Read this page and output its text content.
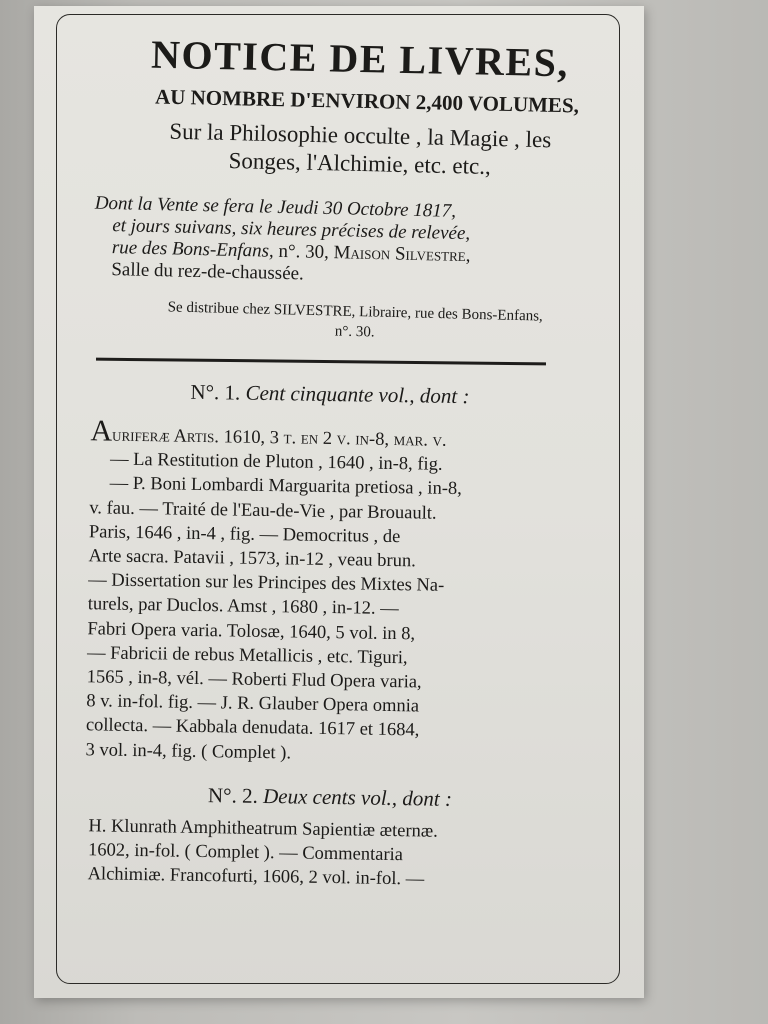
NOTICE DE LIVRES,
AU NOMBRE D'ENVIRON 2,400 VOLUMES,
Sur la Philosophie occulte , la Magie , les
Songes, l'Alchimie, etc. etc.,
Dont la Vente se fera le Jeudi 30 Octobre 1817,
et jours suivans, six heures précises de relevée,
rue des Bons-Enfans, n°. 30, Maison Silvestre,
Salle du rez-de-chaussée.
Se distribue chez SILVESTRE, Libraire, rue des Bons-Enfans,
n°. 30.
N°. 1. Cent cinquante vol., dont :
Auriferæ Artis. 1610, 3 t. en 2 v. in-8, mar. v.
— La Restitution de Pluton , 1640 , in-8, fig.
— P. Boni Lombardi Marguarita pretiosa , in-8,
v. fau. — Traité de l'Eau-de-Vie , par Brouault.
Paris, 1646 , in-4 , fig. — Democritus , de
Arte sacra. Patavii , 1573, in-12 , veau brun.
— Dissertation sur les Principes des Mixtes Na-
turels, par Duclos. Amst , 1680 , in-12. —
Fabri Opera varia. Tolosæ, 1640, 5 vol. in 8,
— Fabricii de rebus Metallicis , etc. Tiguri,
1565 , in-8, vél. — Roberti Flud Opera varia,
8 v. in-fol. fig. — J. R. Glauber Opera omnia
collecta. — Kabbala denudata. 1617 et 1684,
3 vol. in-4, fig. ( Complet ).
N°. 2. Deux cents vol., dont :
H. Klunrath Amphitheatrum Sapientiæ æternæ.
1602, in-fol. ( Complet ). — Commentaria
Alchimiæ. Francofurti, 1606, 2 vol. in-fol. —
